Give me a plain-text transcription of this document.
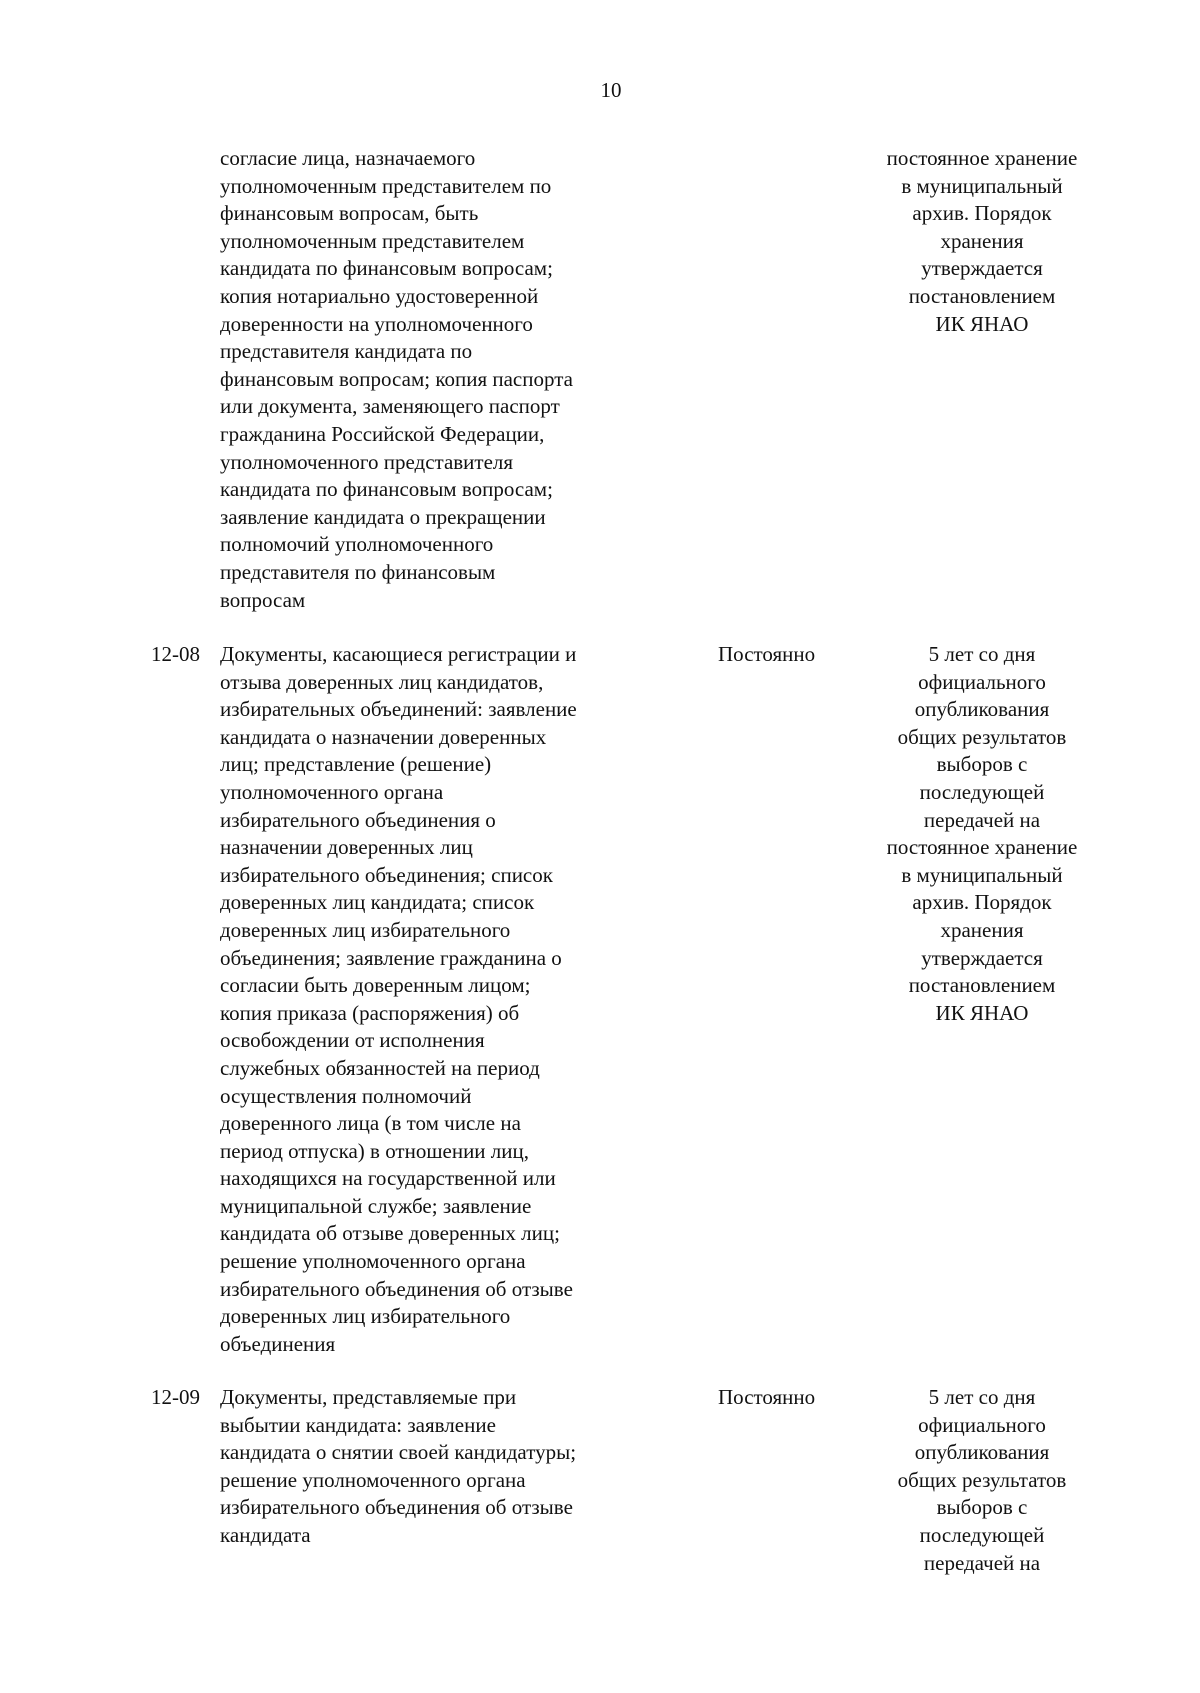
10
согласие лица, назначаемого
уполномоченным представителем по
финансовым вопросам, быть
уполномоченным представителем
кандидата по финансовым вопросам;
копия нотариально удостоверенной
доверенности на уполномоченного
представителя кандидата по
финансовым вопросам; копия паспорта
или документа, заменяющего паспорт
гражданина Российской Федерации,
уполномоченного представителя
кандидата по финансовым вопросам;
заявление кандидата о прекращении
полномочий уполномоченного
представителя по финансовым
вопросам
постоянное хранение
в муниципальный
архив. Порядок
хранения
утверждается
постановлением
ИК ЯНАО
12-08 Документы, касающиеся регистрации и
отзыва доверенных лиц кандидатов,
избирательных объединений: заявление
кандидата о назначении доверенных
лиц; представление (решение)
уполномоченного органа
избирательного объединения о
назначении доверенных лиц
избирательного объединения; список
доверенных лиц кандидата; список
доверенных лиц избирательного
объединения; заявление гражданина о
согласии быть доверенным лицом;
копия приказа (распоряжения) об
освобождении от исполнения
служебных обязанностей на период
осуществления полномочий
доверенного лица (в том числе на
период отпуска) в отношении лиц,
находящихся на государственной или
муниципальной службе; заявление
кандидата об отзыве доверенных лиц;
решение уполномоченного органа
избирательного объединения об отзыве
доверенных лиц избирательного
объединения
Постоянно	5 лет со дня
официального
опубликования
общих результатов
выборов с
последующей
передачей на
постоянное хранение
в муниципальный
архив. Порядок
хранения
утверждается
постановлением
ИК ЯНАО
12-09 Документы, представляемые при
выбытии кандидата: заявление
кандидата о снятии своей кандидатуры;
решение уполномоченного органа
избирательного объединения об отзыве
кандидата
Постоянно	5 лет со дня
официального
опубликования
общих результатов
выборов с
последующей
передачей на
